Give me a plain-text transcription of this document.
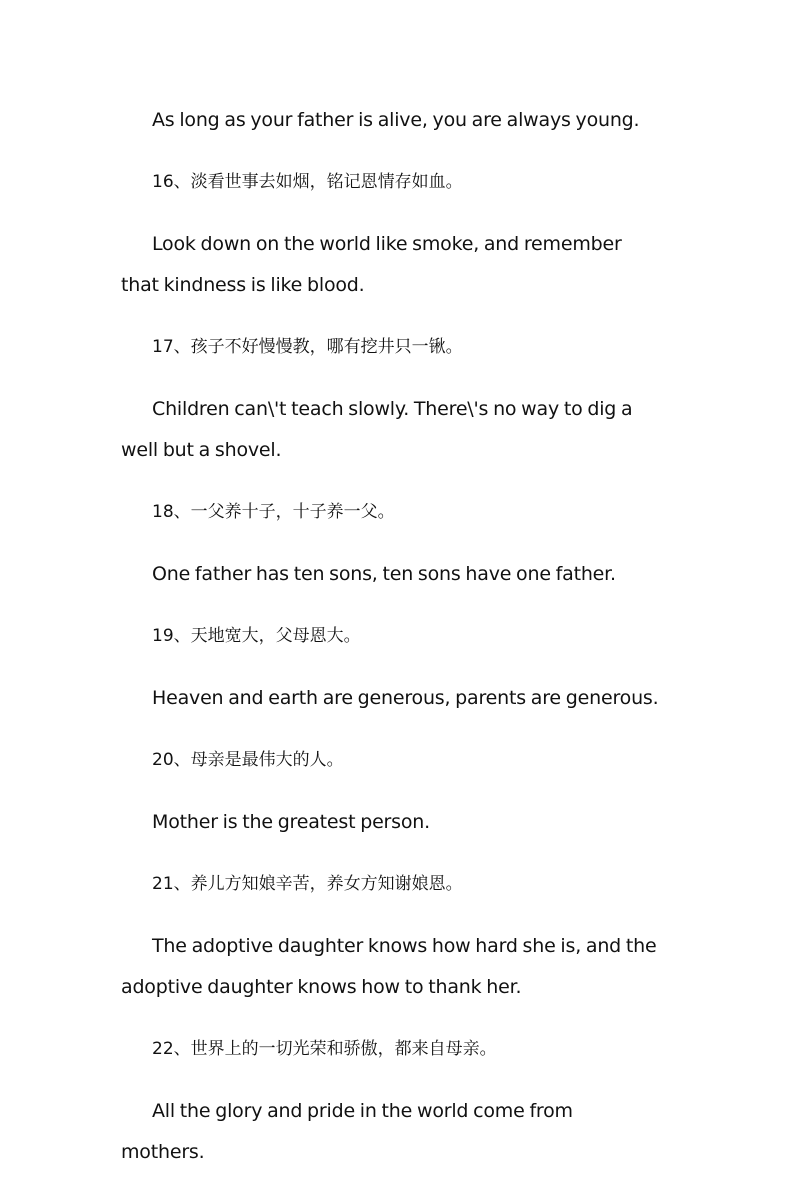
As long as your father is alive, you are always young.

16、淡看世事去如烟，铭记恩情存如血。

Look down on the world like smoke, and remember that kindness is like blood.

17、孩子不好慢慢教，哪有挖井只一锹。

Children can\'t teach slowly. There\'s no way to dig a well but a shovel.

18、一父养十子，十子养一父。

One father has ten sons, ten sons have one father.

19、天地宽大，父母恩大。

Heaven and earth are generous, parents are generous.

20、母亲是最伟大的人。

Mother is the greatest person.

21、养儿方知娘辛苦，养女方知谢娘恩。

The adoptive daughter knows how hard she is, and the adoptive daughter knows how to thank her.

22、世界上的一切光荣和骄傲，都来自母亲。

All the glory and pride in the world come from mothers.
